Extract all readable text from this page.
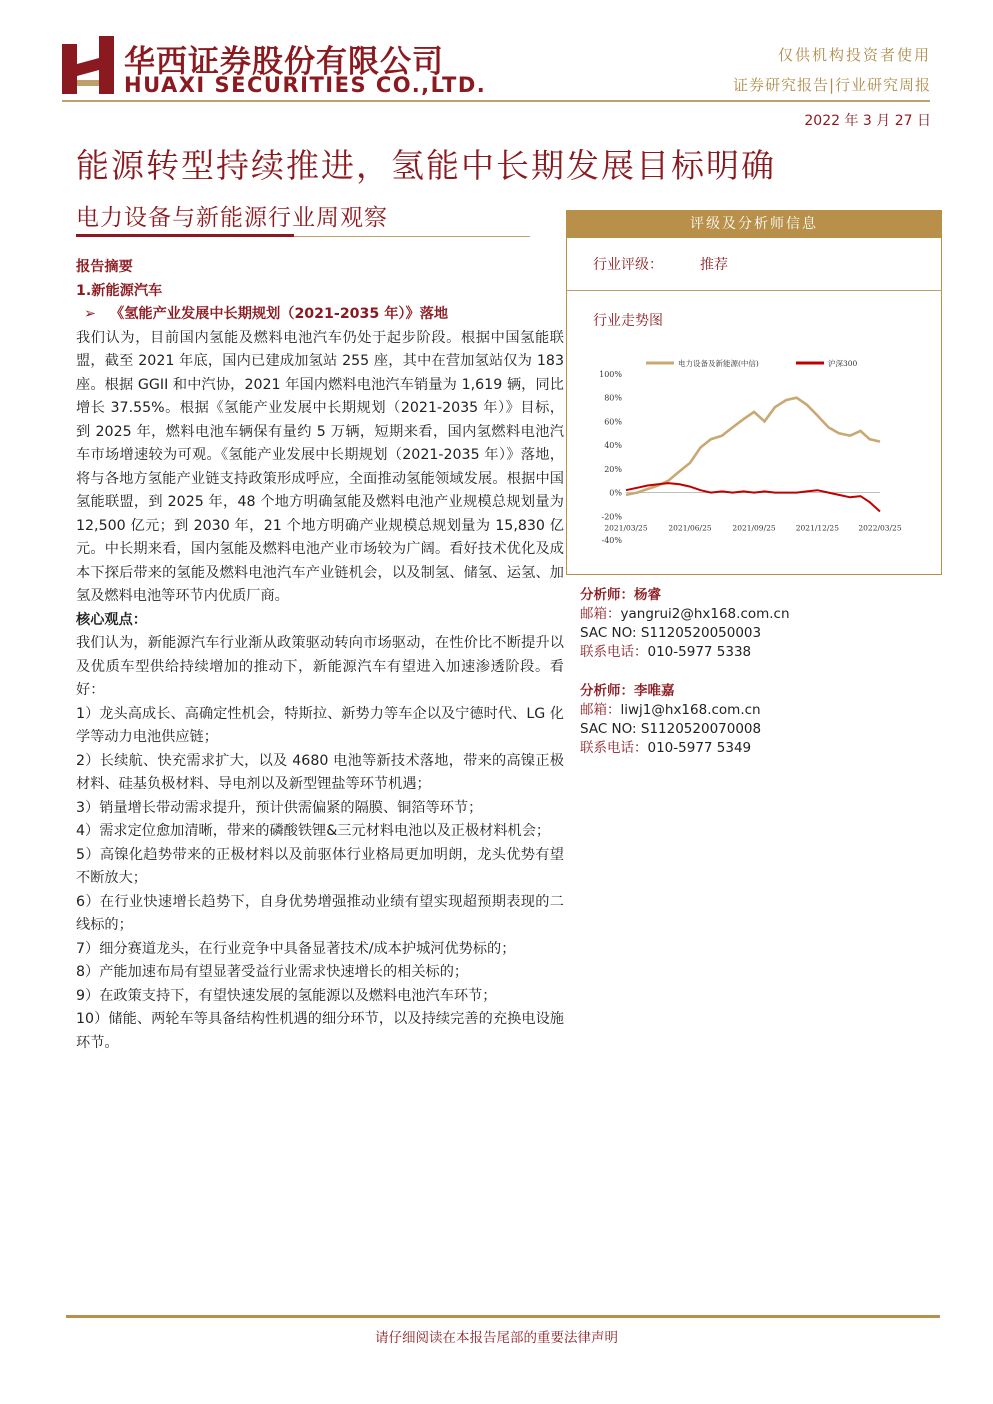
华西证券股份有限公司
HUAXI SECURITIES CO.,LTD.
仅供机构投资者使用
证券研究报告|行业研究周报
2022 年 3 月 27 日
能源转型持续推进，氢能中长期发展目标明确
电力设备与新能源行业周观察

报告摘要

1.新能源汽车

➢ 《氢能产业发展中长期规划（2021-2035 年）》落地

我们认为，目前国内氢能及燃料电池汽车仍处于起步阶段。根据中国氢能联盟，截至 2021 年底，国内已建成加氢站 255 座，其中在营加氢站仅为 183 座。根据 GGII 和中汽协，2021 年国内燃料电池汽车销量为 1,619 辆，同比增长 37.55%。根据《氢能产业发展中长期规划（2021-2035 年）》目标，到 2025 年，燃料电池车辆保有量约 5 万辆，短期来看，国内氢燃料电池汽车市场增速较为可观。《氢能产业发展中长期规划（2021-2035 年）》落地，将与各地方氢能产业链支持政策形成呼应，全面推动氢能领域发展。根据中国氢能联盟，到 2025 年，48 个地方明确氢能及燃料电池产业规模总规划量为 12,500 亿元；到 2030 年，21 个地方明确产业规模总规划量为 15,830 亿元。中长期来看，国内氢能及燃料电池产业市场较为广阔。看好技术优化及成本下探后带来的氢能及燃料电池汽车产业链机会，以及制氢、储氢、运氢、加氢及燃料电池等环节内优质厂商。

核心观点：

我们认为，新能源汽车行业渐从政策驱动转向市场驱动，在性价比不断提升以及优质车型供给持续增加的推动下，新能源汽车有望进入加速渗透阶段。看好：

1）龙头高成长、高确定性机会，特斯拉、新势力等车企以及宁德时代、LG 化学等动力电池供应链；

2）长续航、快充需求扩大，以及 4680 电池等新技术落地，带来的高镍正极材料、硅基负极材料、导电剂以及新型锂盐等环节机遇；

3）销量增长带动需求提升，预计供需偏紧的隔膜、铜箔等环节；

4）需求定位愈加清晰，带来的磷酸铁锂&三元材料电池以及正极材料机会；

5）高镍化趋势带来的正极材料以及前驱体行业格局更加明朗，龙头优势有望不断放大；

6）在行业快速增长趋势下，自身优势增强推动业绩有望实现超预期表现的二线标的；

7）细分赛道龙头，在行业竞争中具备显著技术/成本护城河优势标的；

8）产能加速布局有望显著受益行业需求快速增长的相关标的；

9）在政策支持下，有望快速发展的氢能源以及燃料电池汽车环节；

10）储能、两轮车等具备结构性机遇的细分环节，以及持续完善的充换电设施环节。

评级及分析师信息
行业评级：	推荐
行业走势图
100%
80%
60%
40%
20%
0%
-20%
-40%
2021/03/25	2021/06/25	2021/09/25	2021/12/25	2022/03/25
电力设备及新能源(中信)	沪深300
分析师：杨睿
邮箱：yangrui2@hx168.com.cn
SAC NO: S1120520050003
联系电话：010-5977 5338
分析师：李唯嘉
邮箱：liwj1@hx168.com.cn
SAC NO: S1120520070008
联系电话：010-5977 5349
请仔细阅读在本报告尾部的重要法律声明
